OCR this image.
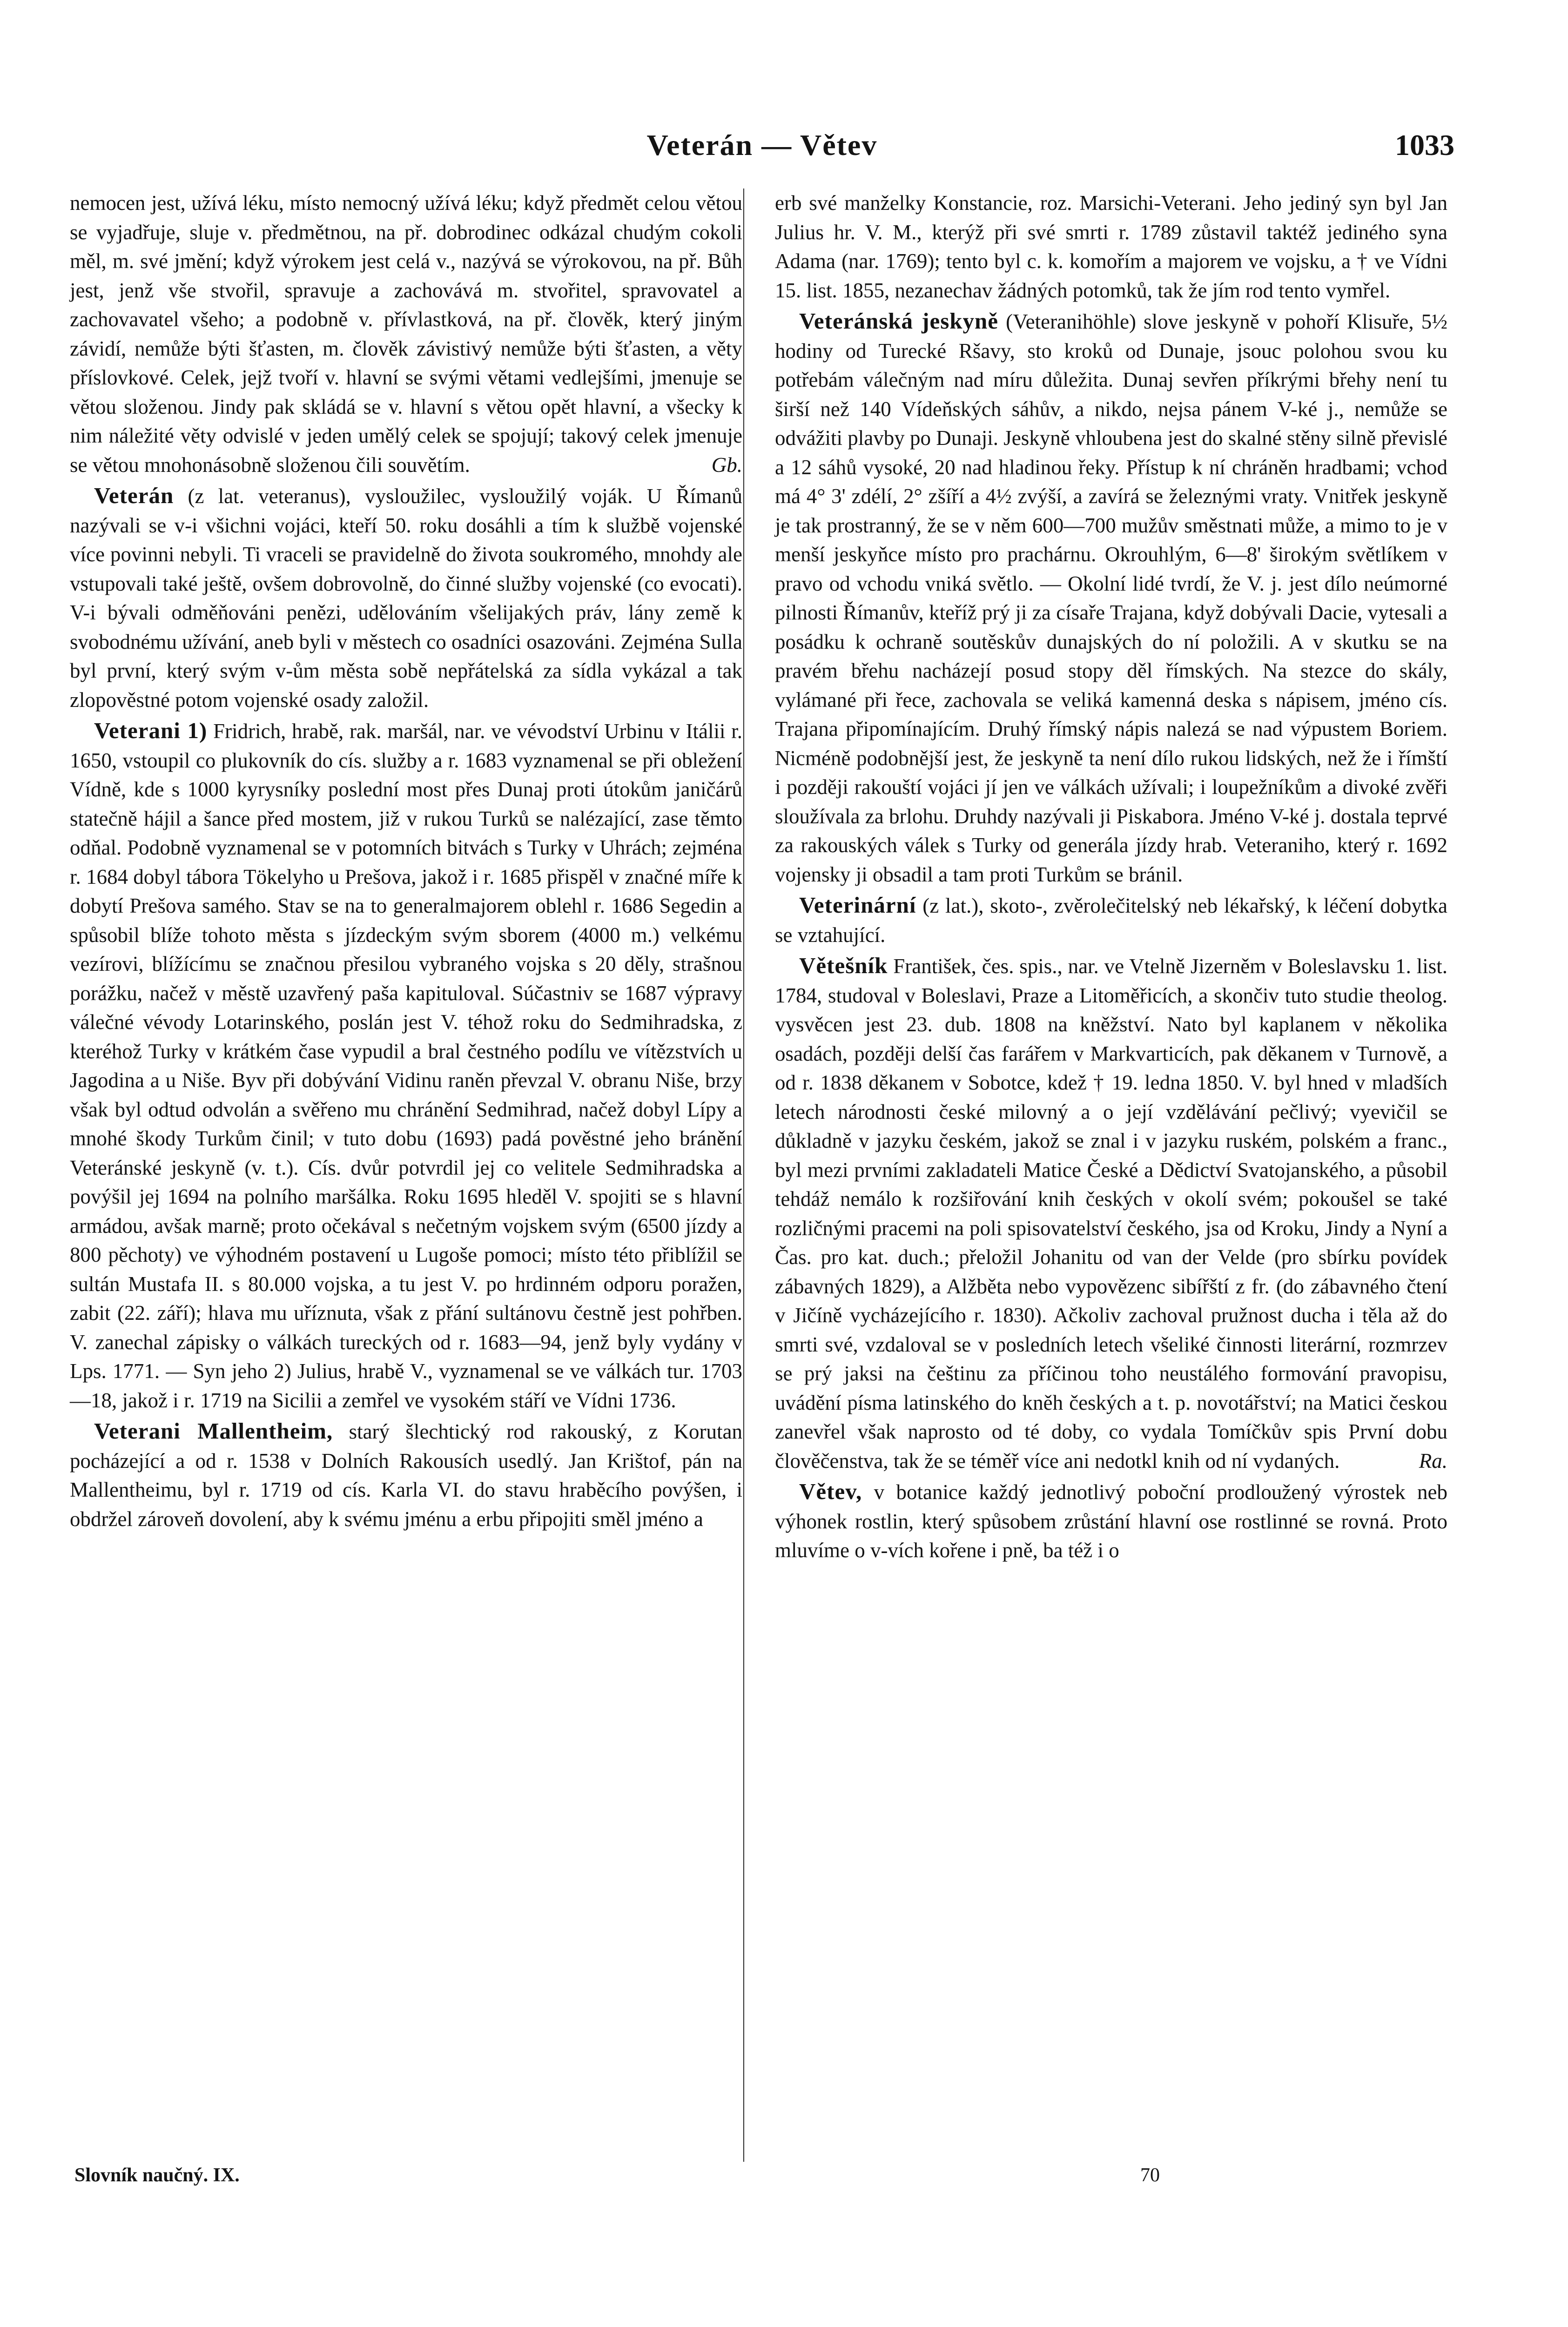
Veterán — Větev	1033

nemocen jest, užívá léku, místo nemocný užívá léku; když předmět celou větou se vyjadřuje, sluje v. předmětnou, na př. dobrodinec odkázal chudým cokoli měl, m. své jmění; když výrokem jest celá v., nazývá se výrokovou, na př. Bůh jest, jenž vše stvořil, spravuje a zachovává m. stvořitel, spravovatel a zachovavatel všeho; a podobně v. přívlastková, na př. člověk, který jiným závidí, nemůže býti šťasten, m. člověk závistivý nemůže býti šťasten, a věty příslovkové. Celek, jejž tvoří v. hlavní se svými větami vedlejšími, jmenuje se větou složenou. Jindy pak skládá se v. hlavní s větou opět hlavní, a všecky k nim náležité věty odvislé v jeden umělý celek se spojují; takový celek jmenuje se větou mnohonásobně složenou čili souvětím.	Gb.

Veterán (z lat. veteranus), vysloužilec, vysloužilý voják. U Římanů nazývali se v-i všichni vojáci, kteří 50. roku dosáhli a tím k službě vojenské více povinni nebyli. Ti vraceli se pravidelně do života soukromého, mnohdy ale vstupovali také ještě, ovšem dobrovolně, do činné služby vojenské (co evocati). V-i bývali odměňováni penězi, udělováním všelijakých práv, lány země k svobodnému užívání, aneb byli v městech co osadníci osazováni. Zejména Sulla byl první, který svým v-ům města sobě nepřátelská za sídla vykázal a tak zlopověstné potom vojenské osady založil.

Veterani 1) Fridrich, hrabě, rak. maršál, nar. ve vévodství Urbinu v Itálii r. 1650, vstoupil co plukovník do cís. služby a r. 1683 vyznamenal se při obležení Vídně, kde s 1000 kyrysníky poslední most přes Dunaj proti útokům janičárů statečně hájil a šance před mostem, již v rukou Turků se nalézající, zase těmto odňal. Podobně vyznamenal se v potomních bitvách s Turky v Uhrách; zejména r. 1684 dobyl tábora Tökelyho u Prešova, jakož i r. 1685 přispěl v značné míře k dobytí Prešova samého. Stav se na to generalmajorem oblehl r. 1686 Segedin a spůsobil blíže tohoto města s jízdeckým svým sborem (4000 m.) velkému vezírovi, blížícímu se značnou přesilou vybraného vojska s 20 děly, strašnou porážku, načež v městě uzavřený paša kapituloval. Súčastniv se 1687 výpravy válečné vévody Lotarinského, poslán jest V. téhož roku do Sedmihradska, z kteréhož Turky v krátkém čase vypudil a bral čestného podílu ve vítězstvích u Jagodina a u Niše. Byv při dobývání Vidinu raněn převzal V. obranu Niše, brzy však byl odtud odvolán a svěřeno mu chránění Sedmihrad, načež dobyl Lípy a mnohé škody Turkům činil; v tuto dobu (1693) padá pověstné jeho bránění Veteránské jeskyně (v. t.). Cís. dvůr potvrdil jej co velitele Sedmihradska a povýšil jej 1694 na polního maršálka. Roku 1695 hleděl V. spojiti se s hlavní armádou, avšak marně; proto očekával s nečetným vojskem svým (6500 jízdy a 800 pěchoty) ve výhodném postavení u Lugoše pomoci; místo této přiblížil se sultán Mustafa II. s 80.000 vojska, a tu jest V. po hrdinném odporu poražen, zabit (22. září); hlava mu uříznuta, však z přání sultánovu čestně jest pohřben. V. zanechal zápisky o válkách tureckých od r. 1683—94, jenž byly vydány v Lps. 1771. — Syn jeho 2) Julius, hrabě V., vyznamenal se ve válkách tur. 1703—18, jakož i r. 1719 na Sicilii a zemřel ve vysokém stáří ve Vídni 1736.

Veterani Mallentheim, starý šlechtický rod rakouský, z Korutan pocházející a od r. 1538 v Dolních Rakousích usedlý. Jan Krištof, pán na Mallentheimu, byl r. 1719 od cís. Karla VI. do stavu hraběcího povýšen, i obdržel zároveň dovolení, aby k svému jménu a erbu připojiti směl jméno a

erb své manželky Konstancie, roz. Marsichi-Veterani. Jeho jediný syn byl Jan Julius hr. V. M., kterýž při své smrti r. 1789 zůstavil taktéž jediného syna Adama (nar. 1769); tento byl c. k. komořím a majorem ve vojsku, a † ve Vídni 15. list. 1855, nezanechav žádných potomků, tak že jím rod tento vymřel.

Veteránská jeskyně (Veteranihöhle) slove jeskyně v pohoří Klisuře, 5½ hodiny od Turecké Ršavy, sto kroků od Dunaje, jsouc polohou svou ku potřebám válečným nad míru důležita. Dunaj sevřen příkrými břehy není tu širší než 140 Vídeňských sáhův, a nikdo, nejsa pánem V-ké j., nemůže se odvážiti plavby po Dunaji. Jeskyně vhloubena jest do skalné stěny silně převislé a 12 sáhů vysoké, 20 nad hladinou řeky. Přístup k ní chráněn hradbami; vchod má 4° 3' zdélí, 2° zšíří a 4½ zvýší, a zavírá se železnými vraty. Vnitřek jeskyně je tak prostranný, že se v něm 600—700 mužův směstnati může, a mimo to je v menší jeskyňce místo pro prachárnu. Okrouhlým, 6—8' širokým světlíkem v pravo od vchodu vniká světlo. — Okolní lidé tvrdí, že V. j. jest dílo neúmorné pilnosti Římanův, kteříž prý ji za císaře Trajana, když dobývali Dacie, vytesali a posádku k ochraně soutěskův dunajských do ní položili. A v skutku se na pravém břehu nacházejí posud stopy děl římských. Na stezce do skály, vylámané při řece, zachovala se veliká kamenná deska s nápisem, jméno cís. Trajana připomínajícím. Druhý římský nápis nalezá se nad výpustem Boriem. Nicméně podobnější jest, že jeskyně ta není dílo rukou lidských, než že i římští i později rakouští vojáci jí jen ve válkách užívali; i loupežníkům a divoké zvěři sloužívala za brlohu. Druhdy nazývali ji Piskabora. Jméno V-ké j. dostala teprvé za rakouských válek s Turky od generála jízdy hrab. Veteraniho, který r. 1692 vojensky ji obsadil a tam proti Turkům se bránil.

Veterinární (z lat.), skoto-, zvěrolečitelský neb lékařský, k léčení dobytka se vztahující.

Větešník František, čes. spis., nar. ve Vtelně Jizerněm v Boleslavsku 1. list. 1784, studoval v Boleslavi, Praze a Litoměřicích, a skončiv tuto studie theolog. vysvěcen jest 23. dub. 1808 na kněžství. Nato byl kaplanem v několika osadách, později delší čas farářem v Markvarticích, pak děkanem v Turnově, a od r. 1838 děkanem v Sobotce, kdež † 19. ledna 1850. V. byl hned v mladších letech národnosti české milovný a o její vzdělávání pečlivý; vyevičil se důkladně v jazyku českém, jakož se znal i v jazyku ruském, polském a franc., byl mezi prvními zakladateli Matice České a Dědictví Svatojanského, a působil tehdáž nemálo k rozšiřování knih českých v okolí svém; pokoušel se také rozličnými pracemi na poli spisovatelství českého, jsa od Kroku, Jindy a Nyní a Čas. pro kat. duch.; přeložil Johanitu od van der Velde (pro sbírku povídek zábavných 1829), a Alžběta nebo vypovězenc sibířští z fr. (do zábavného čtení v Jičíně vycházejícího r. 1830). Ačkoliv zachoval pružnost ducha i těla až do smrti své, vzdaloval se v posledních letech všeliké činnosti literární, rozmrzev se prý jaksi na češtinu za příčinou toho neustálého formování pravopisu, uvádění písma latinského do kněh českých a t. p. novotářství; na Matici českou zanevřel však naprosto od té doby, co vydala Tomíčkův spis První dobu člověčenstva, tak že se téměř více ani nedotkl knih od ní vydaných.	Ra.

Větev, v botanice každý jednotlivý poboční prodloužený výrostek neb výhonek rostlin, který spůsobem zrůstání hlavní ose rostlinné se rovná. Proto mluvíme o v-vích kořene i pně, ba též i o

Slovník naučný. IX.	70
